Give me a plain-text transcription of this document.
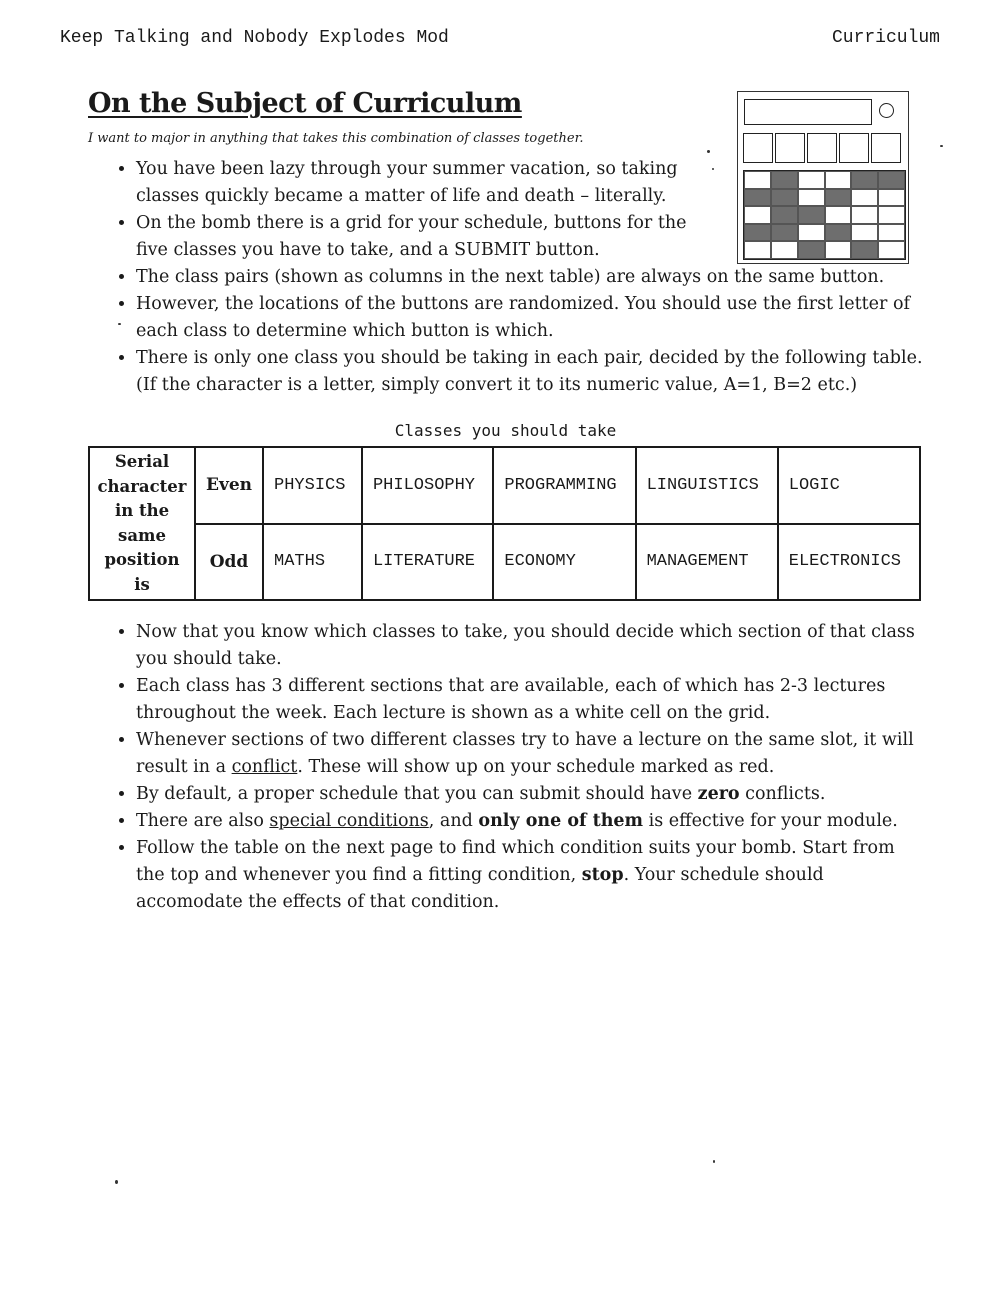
Keep Talking and Nobody Explodes Mod	Curriculum
On the Subject of Curriculum
I want to major in anything that takes this combination of classes together.
• You have been lazy through your summer vacation, so taking classes quickly became a matter of life and death – literally.
• On the bomb there is a grid for your schedule, buttons for the five classes you have to take, and a SUBMIT button.
• The class pairs (shown as columns in the next table) are always on the same button.
• However, the locations of the buttons are randomized. You should use the first letter of each class to determine which button is which.
• There is only one class you should be taking in each pair, decided by the following table. (If the character is a letter, simply convert it to its numeric value, A=1, B=2 etc.)
Classes you should take
Serial character in the same position is	Even	PHYSICS	PHILOSOPHY	PROGRAMMING	LINGUISTICS	LOGIC
	Odd	MATHS	LITERATURE	ECONOMY	MANAGEMENT	ELECTRONICS
• Now that you know which classes to take, you should decide which section of that class you should take.
• Each class has 3 different sections that are available, each of which has 2-3 lectures throughout the week. Each lecture is shown as a white cell on the grid.
• Whenever sections of two different classes try to have a lecture on the same slot, it will result in a conflict. These will show up on your schedule marked as red.
• By default, a proper schedule that you can submit should have zero conflicts.
• There are also special conditions, and only one of them is effective for your module.
• Follow the table on the next page to find which condition suits your bomb. Start from the top and whenever you find a fitting condition, stop. Your schedule should accomodate the effects of that condition.
